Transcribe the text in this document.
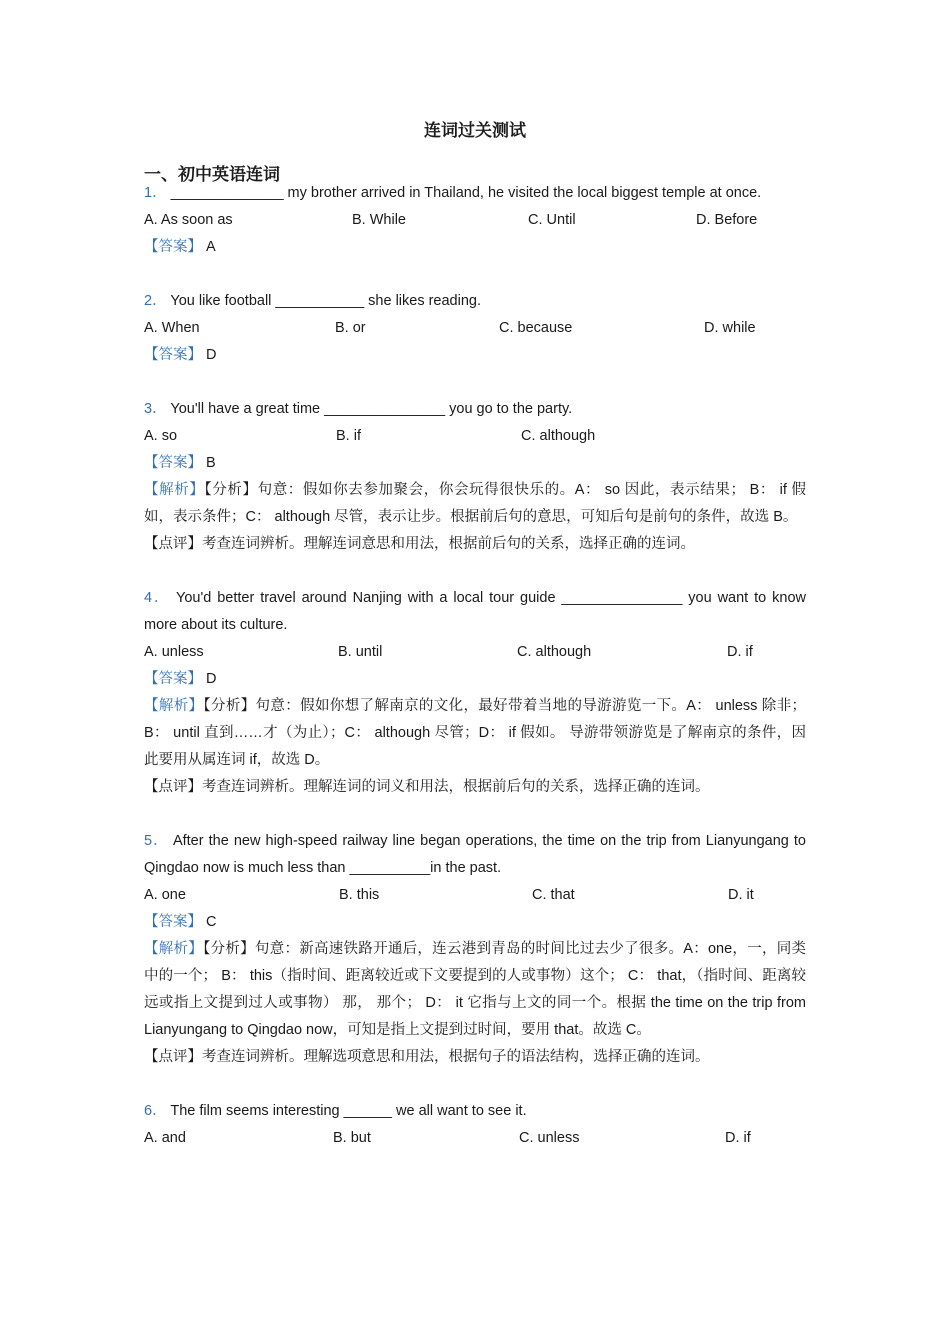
连词过关测试
一、初中英语连词
1． ______________ my brother arrived in Thailand, he visited the local biggest temple at once.
A. As soon as	B. While	C. Until	D. Before
【答案】 A
2． You like football ___________ she likes reading.
A. When	B. or	C. because	D. while
【答案】 D
3． You'll have a great time _______________ you go to the party.
A. so	B. if	C. although
【答案】 B
【解析】【分析】句意：假如你去参加聚会，你会玩得很快乐的。A： so 因此，表示结果； B： if 假如，表示条件；C： although 尽管，表示让步。根据前后句的意思，可知后句是前句的条件，故选 B。
【点评】考查连词辨析。理解连词意思和用法，根据前后句的关系，选择正确的连词。
4． You'd better travel around Nanjing with a local tour guide _______________ you want to know more about its culture.
A. unless	B. until	C. although	D. if
【答案】 D
【解析】【分析】句意：假如你想了解南京的文化，最好带着当地的导游游览一下。A： unless 除非；B： until 直到……才（为止）；C： although 尽管；D： if 假如。 导游带领游览是了解南京的条件，因此要用从属连词 if，故选 D。
【点评】考查连词辨析。理解连词的词义和用法，根据前后句的关系，选择正确的连词。
5． After the new high-speed railway line began operations, the time on the trip from Lianyungang to Qingdao now is much less than __________in the past.
A. one	B. this	C. that	D. it
【答案】 C
【解析】【分析】句意：新高速铁路开通后，连云港到青岛的时间比过去少了很多。A：one，一，同类中的一个； B： this（指时间、距离较近或下文要提到的人或事物）这个； C： that，（指时间、距离较远或指上文提到过人或事物） 那， 那个； D： it 它指与上文的同一个。根据 the time on the trip from Lianyungang to Qingdao now，可知是指上文提到过时间，要用 that。故选 C。
【点评】考查连词辨析。理解选项意思和用法，根据句子的语法结构，选择正确的连词。
6． The film seems interesting ______ we all want to see it.
A. and	B. but	C. unless	D. if
